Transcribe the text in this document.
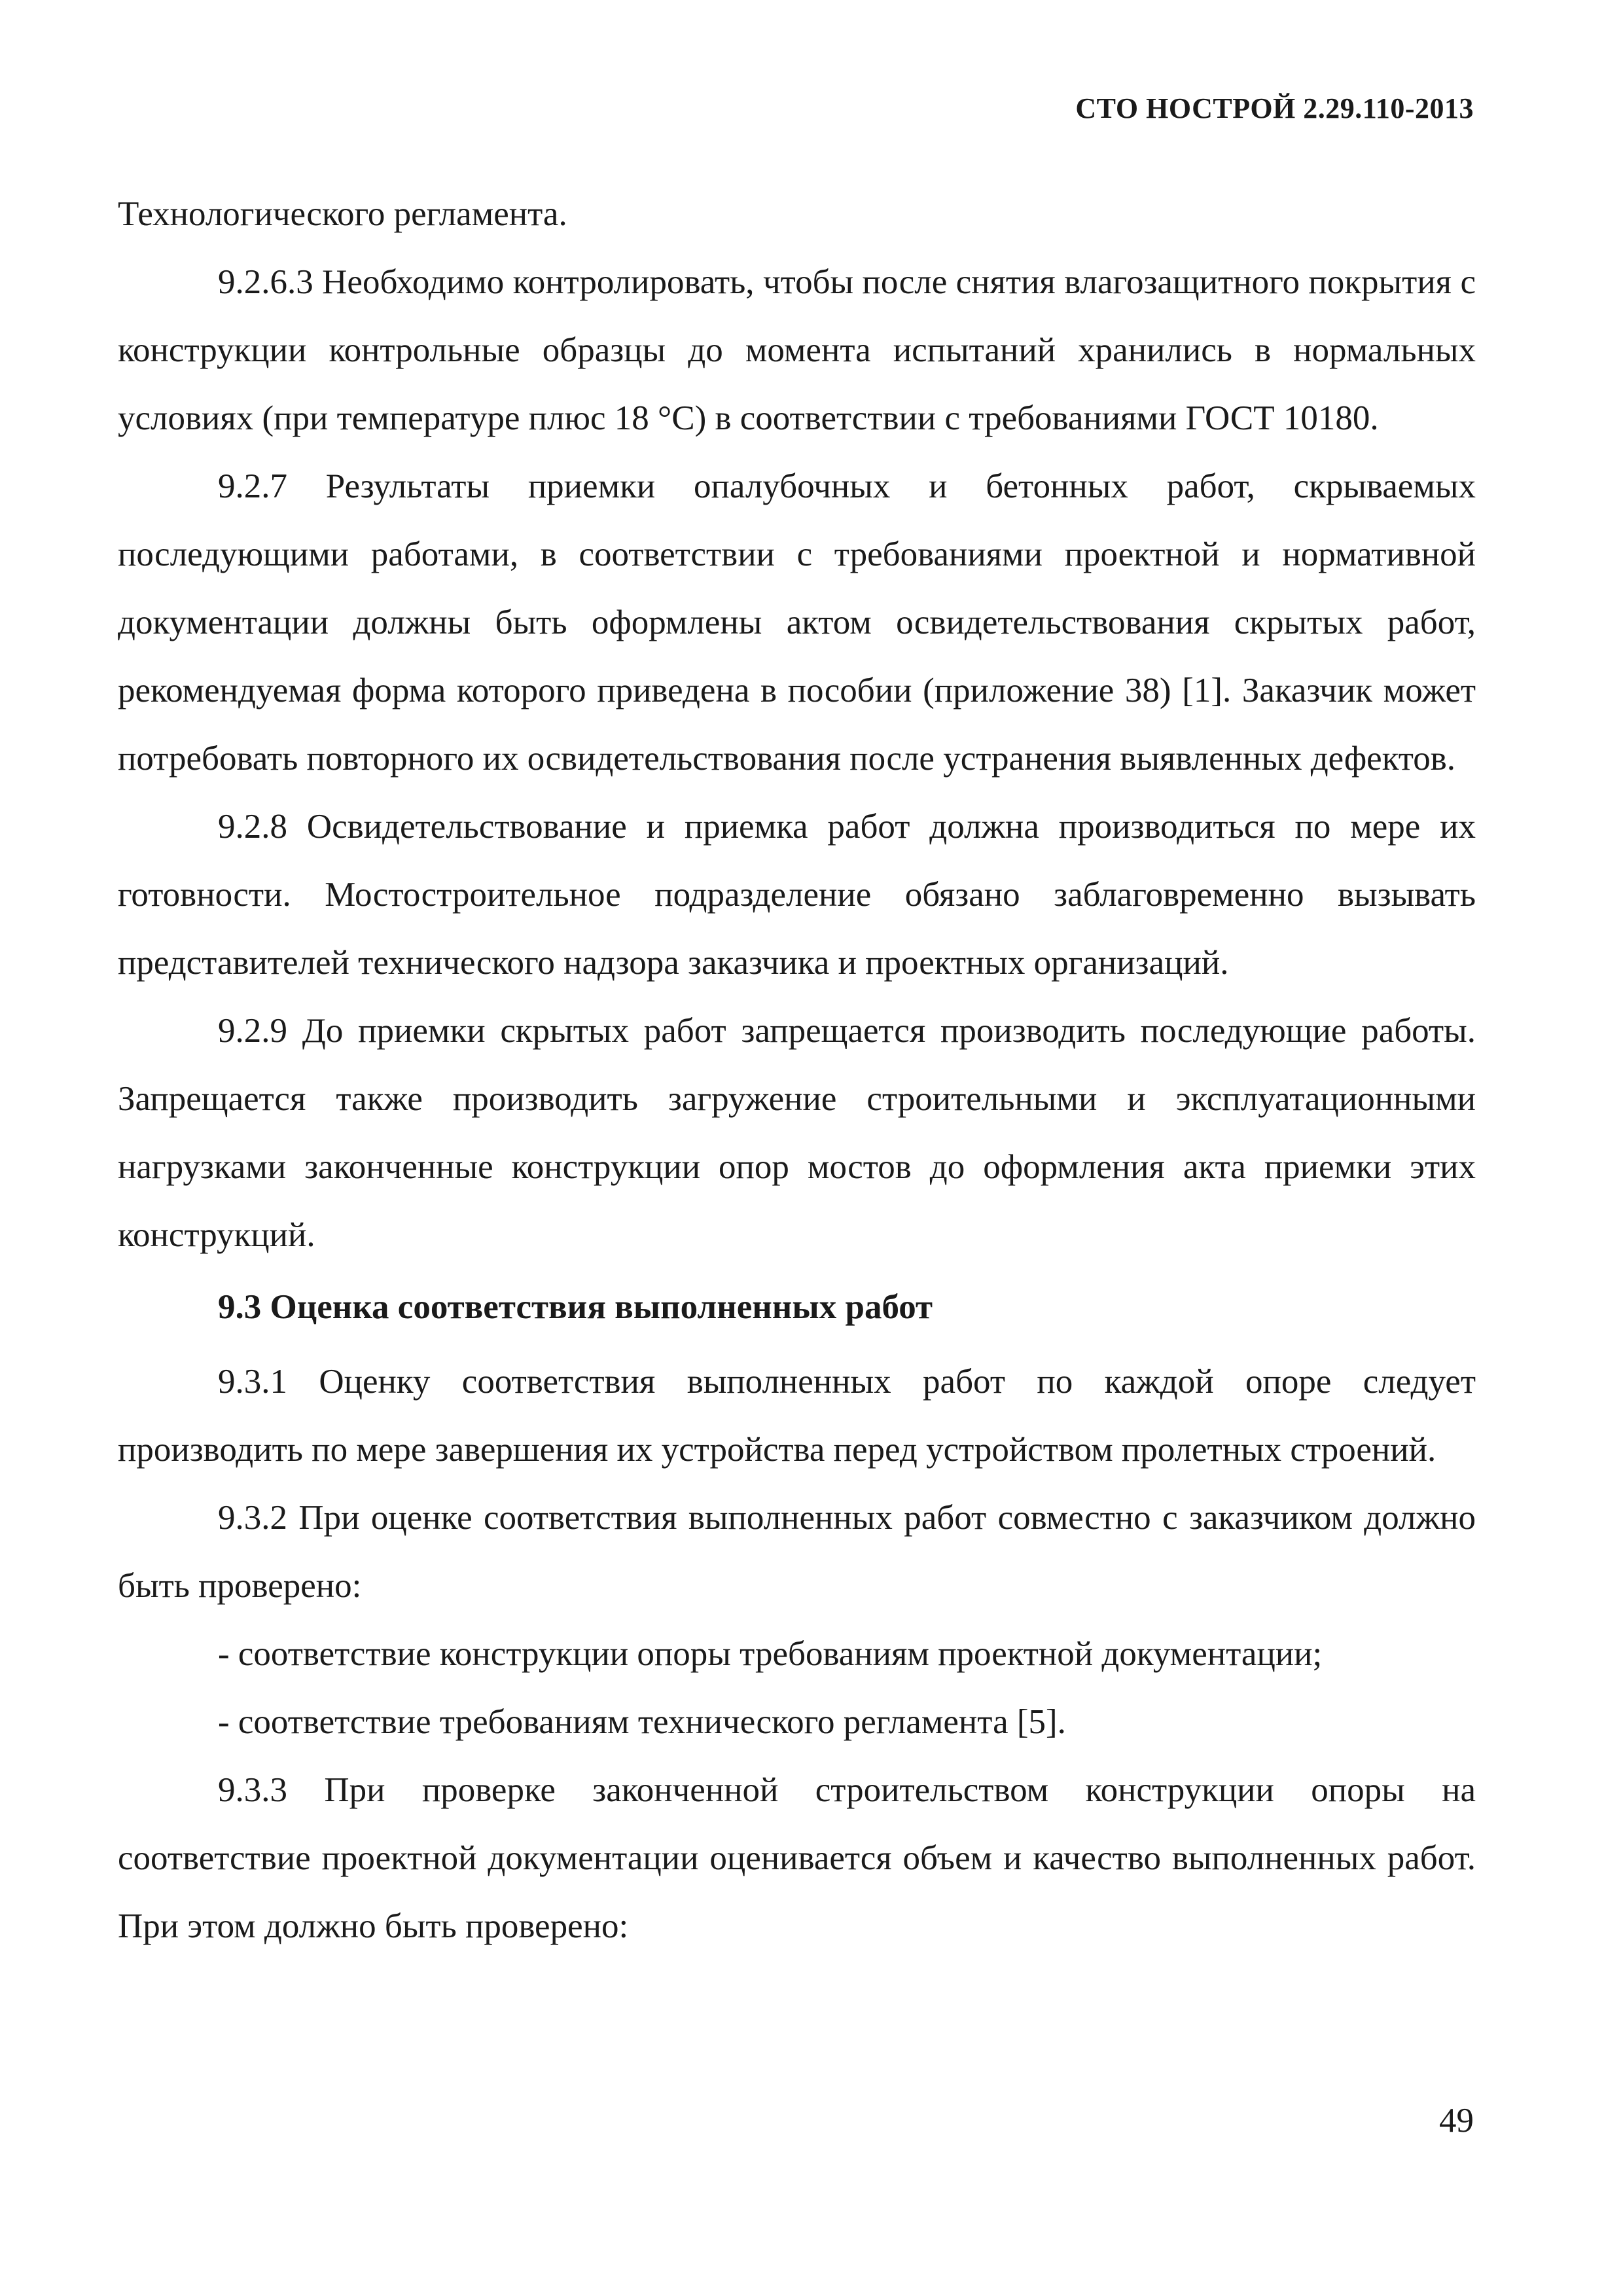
СТО НОСТРОЙ 2.29.110-2013

Технологического регламента.

9.2.6.3 Необходимо контролировать, чтобы после снятия влагозащитного покрытия с конструкции контрольные образцы до момента испытаний хранились в нормальных условиях (при температуре плюс 18 °С) в соответствии с требованиями ГОСТ 10180.

9.2.7 Результаты приемки опалубочных и бетонных работ, скрываемых последующими работами, в соответствии с требованиями проектной и нормативной документации должны быть оформлены актом освидетельствования скрытых работ, рекомендуемая форма которого приведена в пособии (приложение 38) [1]. Заказчик может потребовать повторного их освидетельствования после устранения выявленных дефектов.

9.2.8 Освидетельствование и приемка работ должна производиться по мере их готовности. Мостостроительное подразделение обязано заблаговременно вызывать представителей технического надзора заказчика и проектных организаций.

9.2.9 До приемки скрытых работ запрещается производить последующие работы. Запрещается также производить загружение строительными и эксплуатационными нагрузками законченные конструкции опор мостов до оформления акта приемки этих конструкций.

9.3 Оценка соответствия выполненных работ

9.3.1 Оценку соответствия выполненных работ по каждой опоре следует производить по мере завершения их устройства перед устройством пролетных строений.

9.3.2 При оценке соответствия выполненных работ совместно с заказчиком должно быть проверено:

- соответствие конструкции опоры требованиям проектной документации;

- соответствие требованиям технического регламента [5].

9.3.3 При проверке законченной строительством конструкции опоры на соответствие проектной документации оценивается объем и качество выполненных работ. При этом должно быть проверено:

49
